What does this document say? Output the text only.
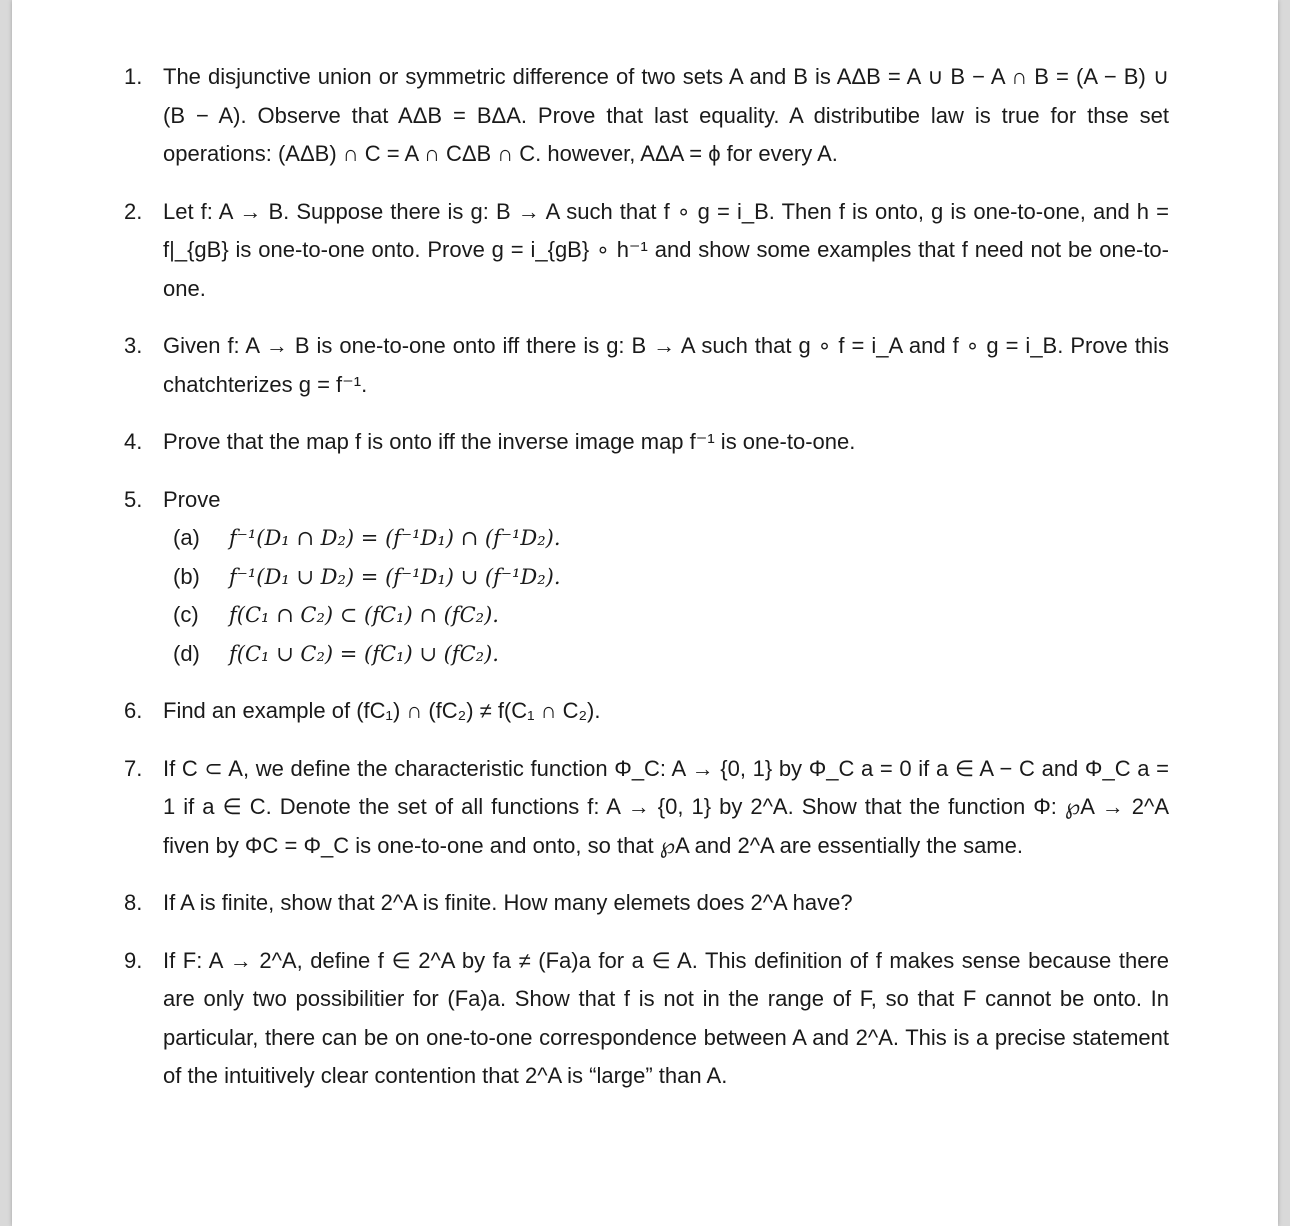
1. The disjunctive union or symmetric difference of two sets A and B is AΔB = A ∪ B − A ∩ B = (A − B) ∪ (B − A). Observe that AΔB = BΔA. Prove that last equality. A distributibe law is true for thse set operations: (AΔB) ∩ C = A ∩ CΔB ∩ C. however, AΔA = ϕ for every A.
2. Let f: A → B. Suppose there is g: B → A such that f ∘ g = i_B. Then f is onto, g is one-to-one, and h = f|_{gB} is one-to-one onto. Prove g = i_{gB} ∘ h⁻¹ and show some examples that f need not be one-to-one.
3. Given f: A → B is one-to-one onto iff there is g: B → A such that g ∘ f = i_A and f ∘ g = i_B. Prove this chatchterizes g = f⁻¹.
4. Prove that the map f is onto iff the inverse image map f⁻¹ is one-to-one.
5. Prove
(a) f⁻¹(D₁ ∩ D₂) = (f⁻¹D₁) ∩ (f⁻¹D₂).
(b) f⁻¹(D₁ ∪ D₂) = (f⁻¹D₁) ∪ (f⁻¹D₂).
(c) f(C₁ ∩ C₂) ⊂ (fC₁) ∩ (fC₂).
(d) f(C₁ ∪ C₂) = (fC₁) ∪ (fC₂).
6. Find an example of (fC₁) ∩ (fC₂) ≠ f(C₁ ∩ C₂).
7. If C ⊂ A, we define the characteristic function Φ_C: A → {0, 1} by Φ_C a = 0 if a ∈ A − C and Φ_C a = 1 if a ∈ C. Denote the set of all functions f: A → {0, 1} by 2^A. Show that the function Φ: ℘A → 2^A fiven by ΦC = Φ_C is one-to-one and onto, so that ℘A and 2^A are essentially the same.
8. If A is finite, show that 2^A is finite. How many elemets does 2^A have?
9. If F: A → 2^A, define f ∈ 2^A by fa ≠ (Fa)a for a ∈ A. This definition of f makes sense because there are only two possibilitier for (Fa)a. Show that f is not in the range of F, so that F cannot be onto. In particular, there can be on one-to-one correspondence between A and 2^A. This is a precise statement of the intuitively clear contention that 2^A is “large” than A.
